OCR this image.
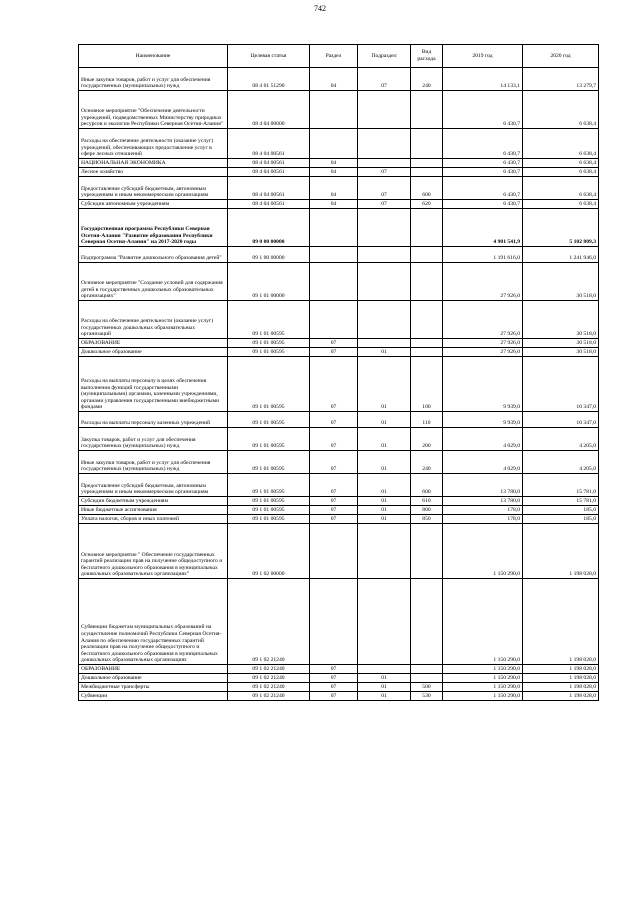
742
Наименование	Целевая статья	Раздел	Подраздел	Вид расхода	2019 год	2020 год
Иные закупки товаров, работ и услуг для обеспечения государственных (муниципальных) нужд	08 4 01 51290	04	07	240	14 133,1	13 279,7
Основное мероприятие "Обеспечение деятельности учреждений, подведомственных Министерству природных ресурсов и экологии Республики Северная Осетия-Алания"	08 4 04 00000				6 430,7	6 638,4
Расходы на обеспечение деятельности (оказание услуг) учреждений, обеспечивающих предоставление услуг в сфере лесных отношений	08 4 04 00561				6 430,7	6 638,4
НАЦИОНАЛЬНАЯ ЭКОНОМИКА	08 4 04 00561	04			6 430,7	6 638,4
Лесное хозяйство	08 4 04 00561	04	07		6 430,7	6 638,4
Предоставление субсидий бюджетным, автономным учреждениям и иным некоммерческим организациям	08 4 04 00561	04	07	600	6 430,7	6 638,4
Субсидии автономным учреждениям	08 4 04 00561	04	07	620	6 430,7	6 638,4
Государственная программа Республики Северная Осетия-Алания "Развитие образования Республики Северная Осетия-Алания" на 2017-2020 годы	09 0 00 00000				4 901 541,9	5 102 809,3
Подпрограмма "Развитие дошкольного образования детей"	09 1 00 00000				1 191 616,0	1 241 946,0
Основное мероприятие "Создание условий для содержания детей в государственных дошкольных образовательных организациях"	09 1 01 00000				27 926,0	30 518,0
Расходы на обеспечение деятельности (оказание услуг) государственных дошкольных образовательных организаций	09 1 01 00595				27 926,0	30 518,0
ОБРАЗОВАНИЕ	09 1 01 00595	07			27 926,0	30 518,0
Дошкольное образование	09 1 01 00595	07	01		27 926,0	30 518,0
Расходы на выплаты персоналу в целях обеспечения выполнения функций государственными (муниципальными) органами, казенными учреждениями, органами управления государственными внебюджетными фондами	09 1 01 00595	07	01	100	9 939,0	10 347,0
Расходы на выплаты персоналу казенных учреждений	09 1 01 00595	07	01	110	9 939,0	10 347,0
Закупка товаров, работ и услуг для обеспечения государственных (муниципальных) нужд	09 1 01 00595	07	01	200	4 029,0	4 205,0
Иные закупки товаров, работ и услуг для обеспечения государственных (муниципальных) нужд	09 1 01 00595	07	01	240	4 029,0	4 205,0
Предоставление субсидий бюджетным, автономным учреждениям и иным некоммерческим организациям	09 1 01 00595	07	01	600	13 780,0	15 781,0
Субсидии бюджетным учреждениям	09 1 01 00595	07	01	610	13 780,0	15 781,0
Иные бюджетные ассигнования	09 1 01 00595	07	01	800	178,0	185,0
Уплата налогов, сборов и иных платежей	09 1 01 00595	07	01	850	178,0	185,0
Основное мероприятие " Обеспечение государственных гарантий реализации прав на получение общедоступного и бесплатного дошкольного образования в муниципальных дошкольных образовательных организациях"	09 1 02 00000				1 150 290,0	1 198 028,0
Субвенции бюджетам муниципальных образований на осуществление полномочий Республики Северная Осетия-Алания по обеспечению государственных гарантий реализации прав на получение общедоступного и бесплатного дошкольного образования в муниципальных дошкольных образовательных организациях	09 1 02 21240				1 150 290,0	1 198 028,0
ОБРАЗОВАНИЕ	09 1 02 21240	07			1 150 290,0	1 198 028,0
Дошкольное образование	09 1 02 21240	07	01		1 150 290,0	1 198 028,0
Межбюджетные трансферты	09 1 02 21240	07	01	500	1 150 290,0	1 198 028,0
Субвенции	09 1 02 21240	07	01	530	1 150 290,0	1 198 028,0
